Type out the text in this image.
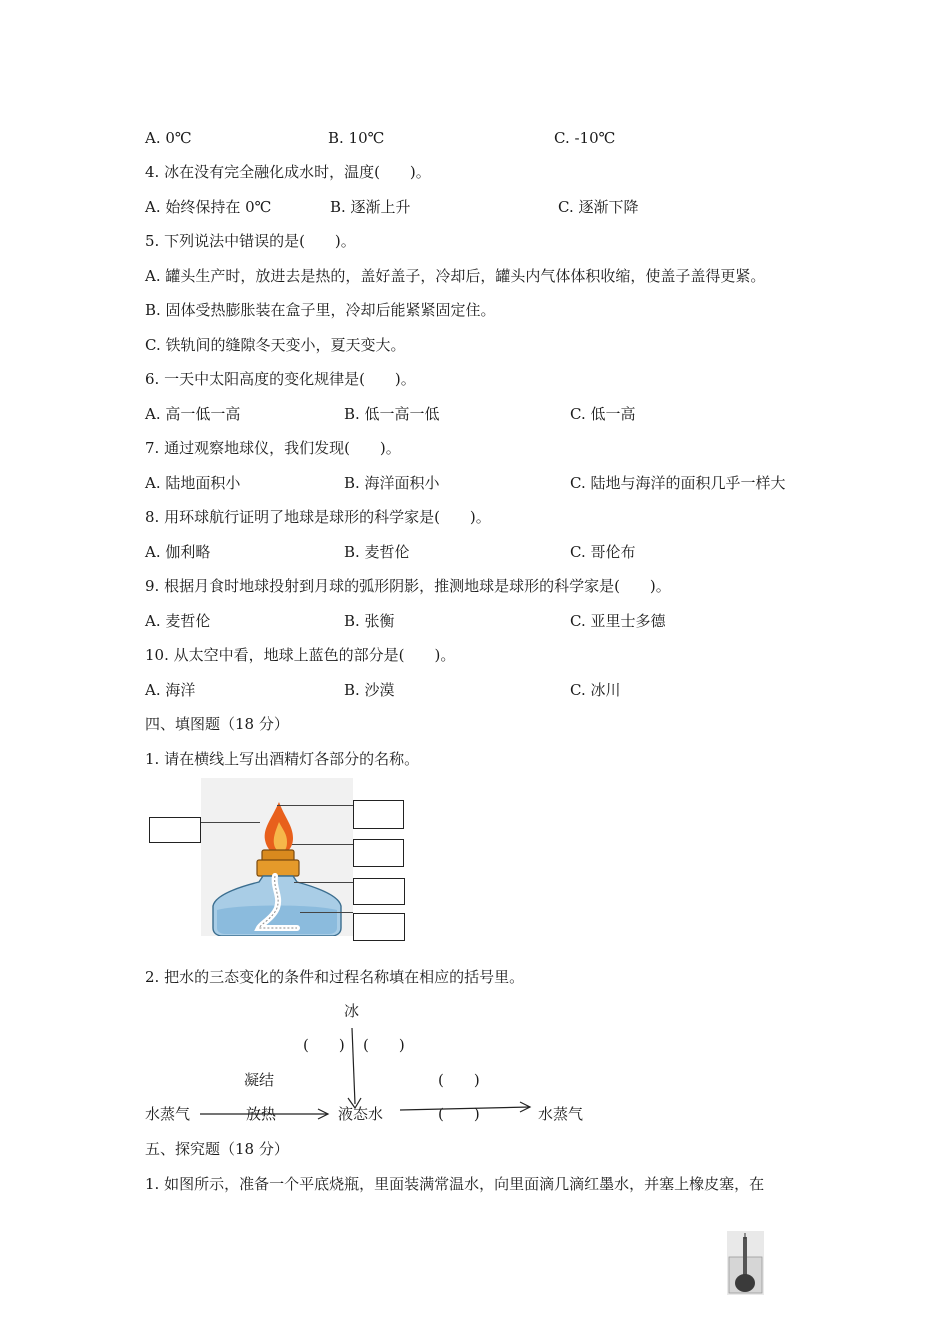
A. 0℃	B. 10℃	C. -10℃
4. 冰在没有完全融化成水时，温度(　　)。
A. 始终保持在 0℃	B. 逐渐上升	C. 逐渐下降
5. 下列说法中错误的是(　　)。
A. 罐头生产时，放进去是热的，盖好盖子，冷却后，罐头内气体体积收缩，使盖子盖得更紧。
B. 固体受热膨胀装在盒子里，冷却后能紧紧固定住。
C. 铁轨间的缝隙冬天变小，夏天变大。
6. 一天中太阳高度的变化规律是(　　)。
A. 高一低一高	B. 低一高一低	C. 低一高
7. 通过观察地球仪，我们发现(　　)。
A. 陆地面积小	B. 海洋面积小	C. 陆地与海洋的面积几乎一样大
8. 用环球航行证明了地球是球形的科学家是(　　)。
A. 伽利略	B. 麦哲伦	C. 哥伦布
9. 根据月食时地球投射到月球的弧形阴影，推测地球是球形的科学家是(　　)。
A. 麦哲伦	B. 张衡	C. 亚里士多德
10. 从太空中看，地球上蓝色的部分是(　　)。
A. 海洋	B. 沙漠	C. 冰川
四、填图题（18 分）
1. 请在横线上写出酒精灯各部分的名称。
2. 把水的三态变化的条件和过程名称填在相应的括号里。
冰
(　　) (　　)
凝结	(　　)
水蒸气	放热	液态水	(　　)	水蒸气
五、探究题（18 分）
1. 如图所示，准备一个平底烧瓶，里面装满常温水，向里面滴几滴红墨水，并塞上橡皮塞，在
